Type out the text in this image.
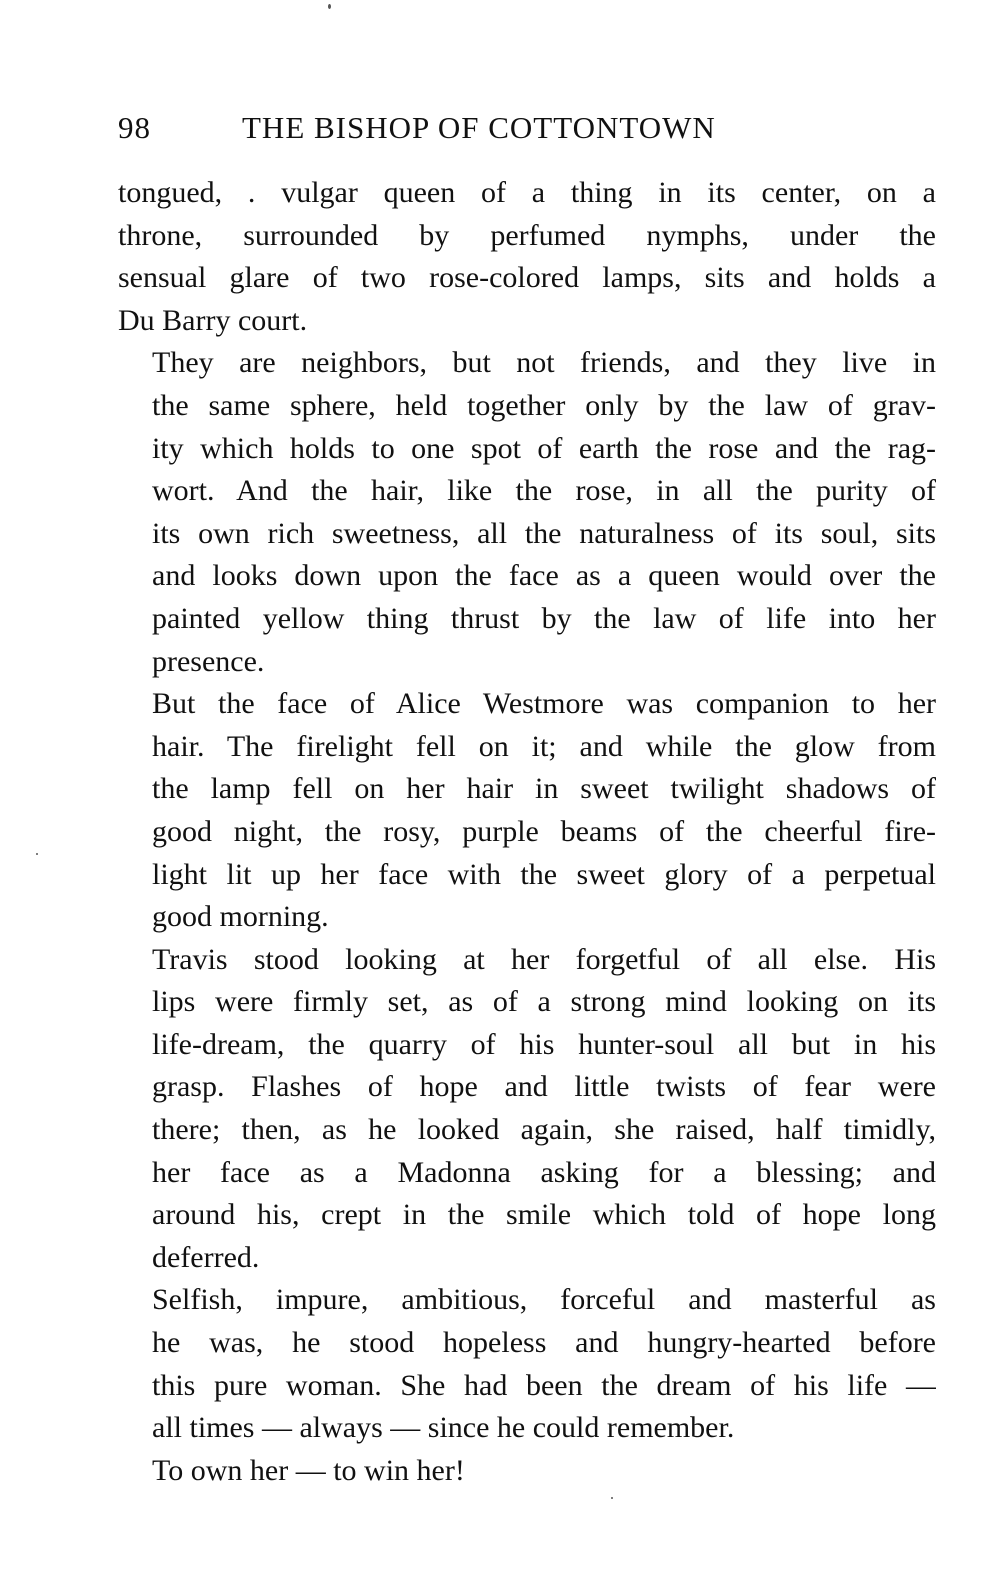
98	THE BISHOP OF COTTONTOWN
tongued, . vulgar queen of a thing in its center, on a
throne, surrounded by perfumed nymphs, under the
sensual glare of two rose-colored lamps, sits and holds a
Du Barry court.
They are neighbors, but not friends, and they live in
the same sphere, held together only by the law of grav-
ity which holds to one spot of earth the rose and the rag-
wort. And the hair, like the rose, in all the purity of
its own rich sweetness, all the naturalness of its soul, sits
and looks down upon the face as a queen would over the
painted yellow thing thrust by the law of life into her
presence.
But the face of Alice Westmore was companion to her
hair. The firelight fell on it; and while the glow from
the lamp fell on her hair in sweet twilight shadows of
good night, the rosy, purple beams of the cheerful fire-
light lit up her face with the sweet glory of a perpetual
good morning.
Travis stood looking at her forgetful of all else. His
lips were firmly set, as of a strong mind looking on its
life-dream, the quarry of his hunter-soul all but in his
grasp. Flashes of hope and little twists of fear were
there; then, as he looked again, she raised, half timidly,
her face as a Madonna asking for a blessing; and
around his, crept in the smile which told of hope long
deferred.
Selfish, impure, ambitious, forceful and masterful as
he was, he stood hopeless and hungry-hearted before
this pure woman. She had been the dream of his life —
all times — always — since he could remember.
To own her — to win her!
